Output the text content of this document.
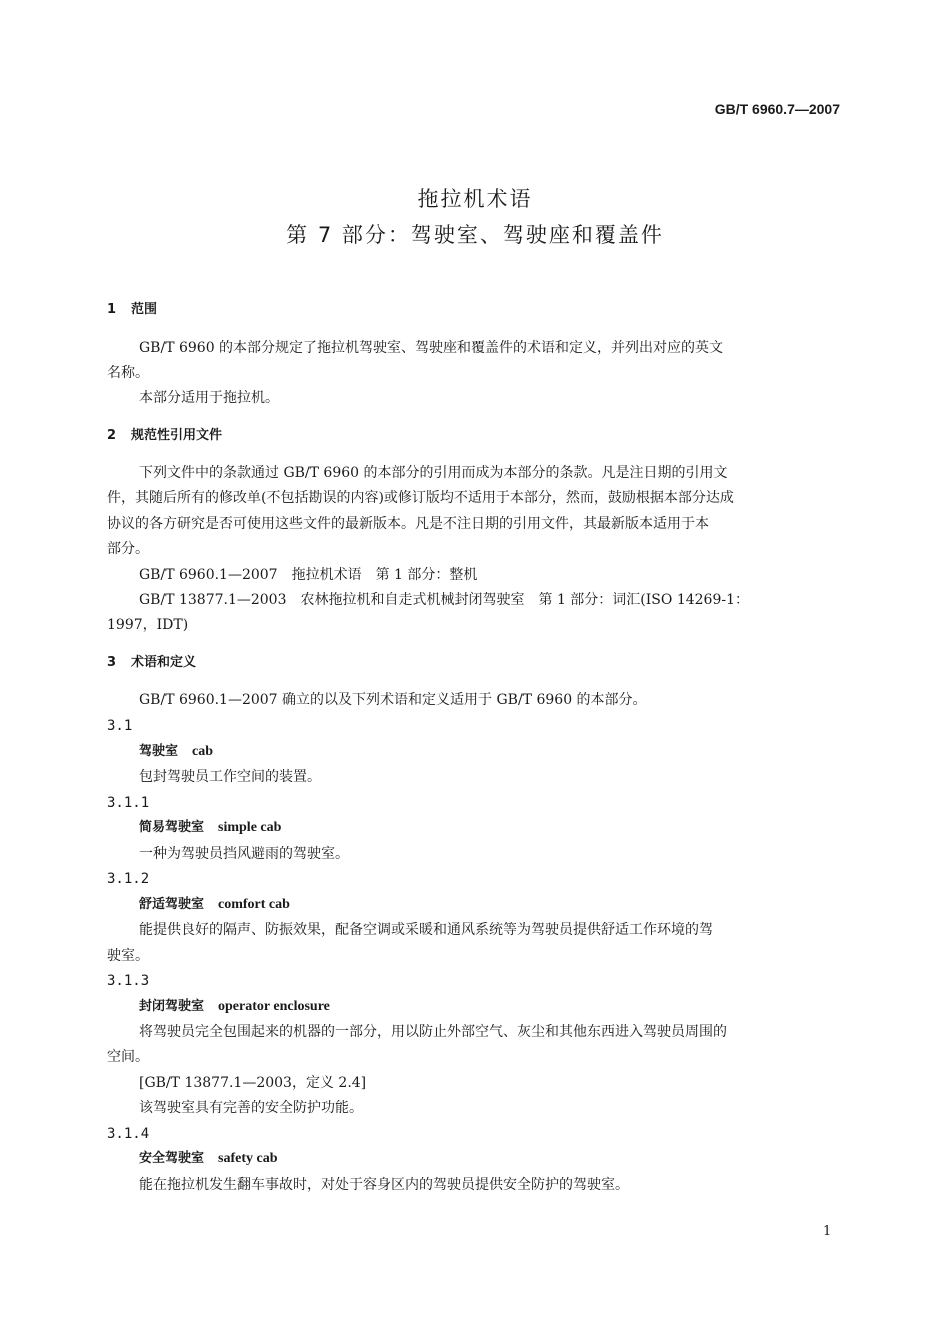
GB/T 6960.7—2007
拖拉机术语
第 7 部分：驾驶室、驾驶座和覆盖件
1 范围
GB/T 6960 的本部分规定了拖拉机驾驶室、驾驶座和覆盖件的术语和定义，并列出对应的英文
名称。
本部分适用于拖拉机。
2 规范性引用文件
下列文件中的条款通过 GB/T 6960 的本部分的引用而成为本部分的条款。凡是注日期的引用文
件，其随后所有的修改单(不包括勘误的内容)或修订版均不适用于本部分，然而，鼓励根据本部分达成
协议的各方研究是否可使用这些文件的最新版本。凡是不注日期的引用文件，其最新版本适用于本
部分。
GB/T 6960.1—2007　拖拉机术语　第 1 部分：整机
GB/T 13877.1—2003　农林拖拉机和自走式机械封闭驾驶室　第 1 部分：词汇(ISO 14269-1：
1997，IDT)
3 术语和定义
GB/T 6960.1—2007 确立的以及下列术语和定义适用于 GB/T 6960 的本部分。
3.1
驾驶室 cab
包封驾驶员工作空间的装置。
3.1.1
简易驾驶室 simple cab
一种为驾驶员挡风避雨的驾驶室。
3.1.2
舒适驾驶室 comfort cab
能提供良好的隔声、防振效果，配备空调或采暖和通风系统等为驾驶员提供舒适工作环境的驾
驶室。
3.1.3
封闭驾驶室 operator enclosure
将驾驶员完全包围起来的机器的一部分，用以防止外部空气、灰尘和其他东西进入驾驶员周围的
空间。
[GB/T 13877.1—2003，定义 2.4]
该驾驶室具有完善的安全防护功能。
3.1.4
安全驾驶室 safety cab
能在拖拉机发生翻车事故时，对处于容身区内的驾驶员提供安全防护的驾驶室。
1
